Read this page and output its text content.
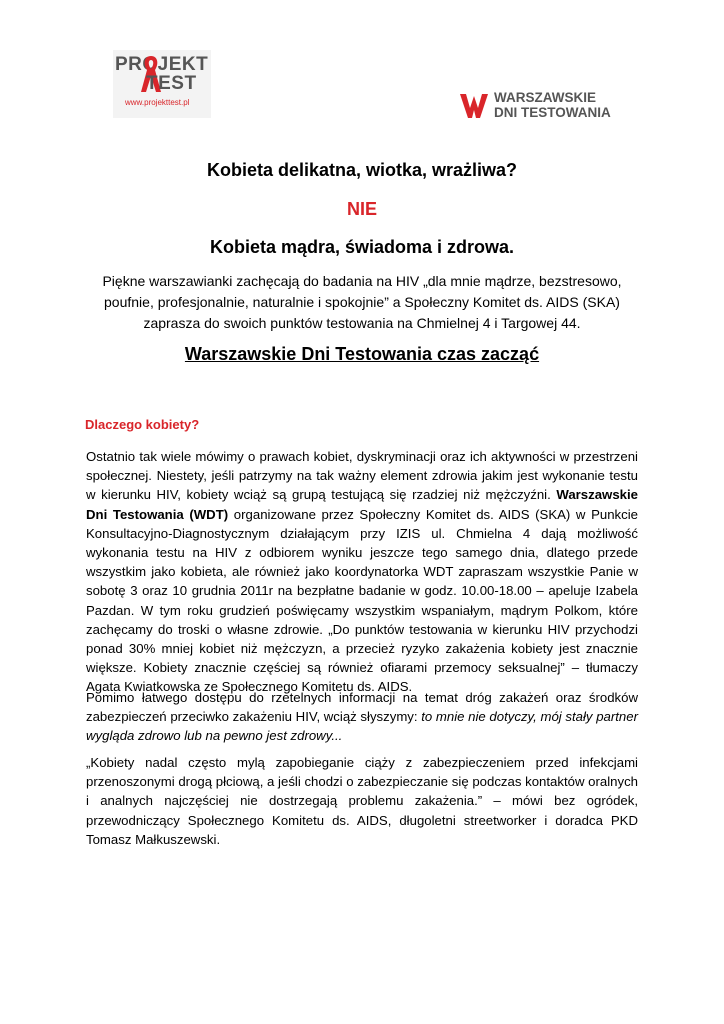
PROJEKT
TEST
www.projekttest.pl	WARSZAWSKIE
DNI TESTOWANIA
Kobieta delikatna, wiotka, wrażliwa?
NIE
Kobieta mądra, świadoma i zdrowa.
Piękne warszawianki zachęcają do badania na HIV „dla mnie mądrze, bezstresowo, poufnie, profesjonalnie, naturalnie i spokojnie” a Społeczny Komitet ds. AIDS (SKA) zaprasza do swoich punktów testowania na Chmielnej 4 i Targowej 44.
Warszawskie Dni Testowania czas zacząć
Dlaczego kobiety?

Ostatnio tak wiele mówimy o prawach kobiet, dyskryminacji oraz ich aktywności w przestrzeni społecznej. Niestety, jeśli patrzymy na tak ważny element zdrowia jakim jest wykonanie testu w kierunku HIV, kobiety wciąż są grupą testującą się rzadziej niż mężczyźni. Warszawskie Dni Testowania (WDT) organizowane przez Społeczny Komitet ds. AIDS (SKA) w Punkcie Konsultacyjno-Diagnostycznym działającym przy IZIS ul. Chmielna 4 dają możliwość wykonania testu na HIV z odbiorem wyniku jeszcze tego samego dnia, dlatego przede wszystkim jako kobieta, ale również jako koordynatorka WDT zapraszam wszystkie Panie w sobotę 3 oraz 10 grudnia 2011r na bezpłatne badanie w godz. 10.00-18.00 – apeluje Izabela Pazdan. W tym roku grudzień poświęcamy wszystkim wspaniałym, mądrym Polkom, które zachęcamy do troski o własne zdrowie. „Do punktów testowania w kierunku HIV przychodzi ponad 30% mniej kobiet niż mężczyzn, a przecież ryzyko zakażenia kobiety jest znacznie większe. Kobiety znacznie częściej są również ofiarami przemocy seksualnej” – tłumaczy Agata Kwiatkowska ze Społecznego Komitetu ds. AIDS.

Pomimo łatwego dostępu do rzetelnych informacji na temat dróg zakażeń oraz środków zabezpieczeń przeciwko zakażeniu HIV, wciąż słyszymy: to mnie nie dotyczy, mój stały partner wygląda zdrowo lub na pewno jest zdrowy...

„Kobiety nadal często mylą zapobieganie ciąży z zabezpieczeniem przed infekcjami przenoszonymi drogą płciową, a jeśli chodzi o zabezpieczanie się podczas kontaktów oralnych i analnych najczęściej nie dostrzegają problemu zakażenia.” – mówi bez ogródek, przewodniczący Społecznego Komitetu ds. AIDS, długoletni streetworker i doradca PKD Tomasz Małkuszewski.
